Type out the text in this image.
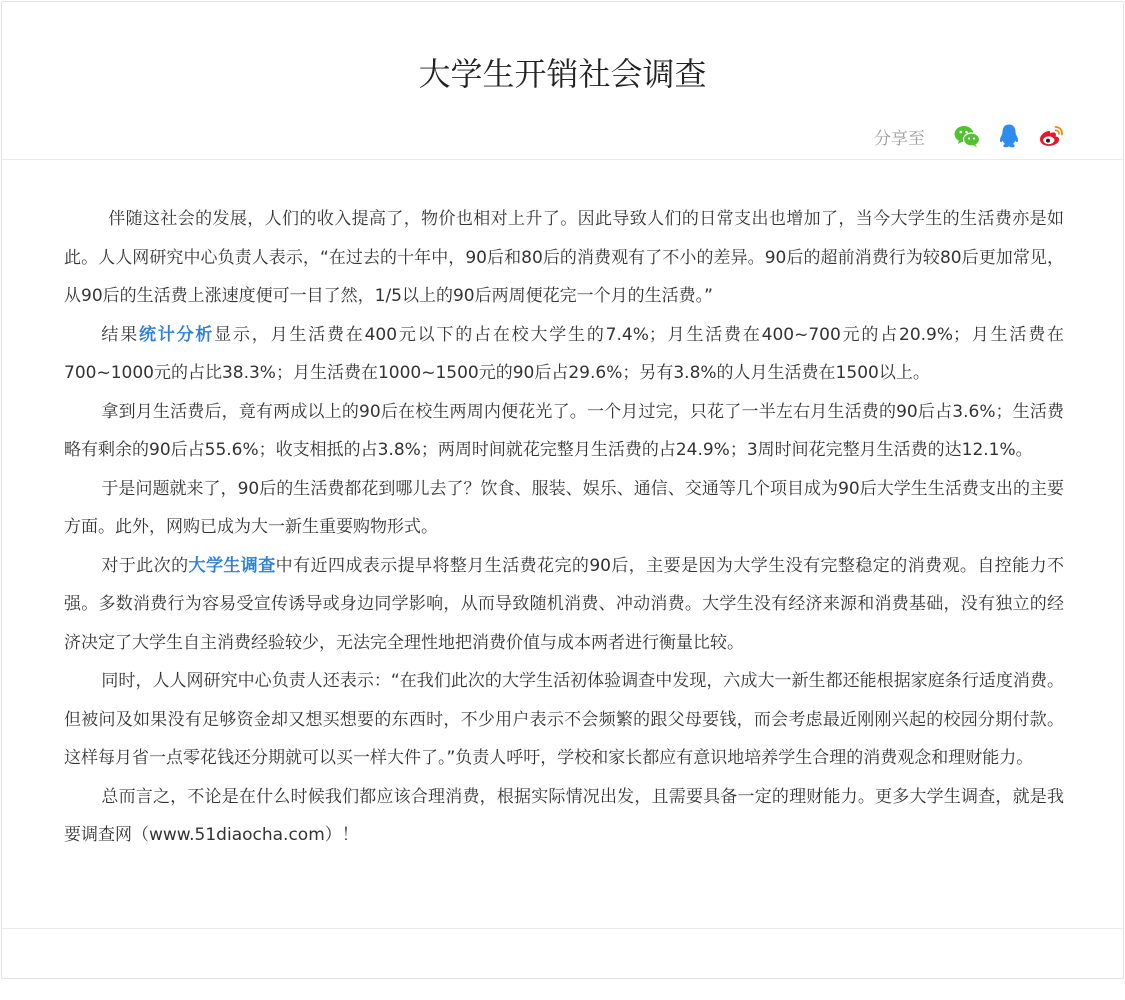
大学生开销社会调查
分享至

伴随这社会的发展，人们的收入提高了，物价也相对上升了。因此导致人们的日常支出也增加了，当今大学生的生活费亦是如此。人人网研究中心负责人表示，“在过去的十年中，90后和80后的消费观有了不小的差异。90后的超前消费行为较80后更加常见，从90后的生活费上涨速度便可一目了然，1/5以上的90后两周便花完一个月的生活费。”

结果统计分析显示，月生活费在400元以下的占在校大学生的7.4%；月生活费在400~700元的占20.9%；月生活费在700~1000元的占比38.3%；月生活费在1000~1500元的90后占29.6%；另有3.8%的人月生活费在1500以上。

拿到月生活费后，竟有两成以上的90后在校生两周内便花光了。一个月过完，只花了一半左右月生活费的90后占3.6%；生活费略有剩余的90后占55.6%；收支相抵的占3.8%；两周时间就花完整月生活费的占24.9%；3周时间花完整月生活费的达12.1%。

于是问题就来了，90后的生活费都花到哪儿去了？饮食、服装、娱乐、通信、交通等几个项目成为90后大学生生活费支出的主要方面。此外，网购已成为大一新生重要购物形式。

对于此次的大学生调查中有近四成表示提早将整月生活费花完的90后，主要是因为大学生没有完整稳定的消费观。自控能力不强。多数消费行为容易受宣传诱导或身边同学影响，从而导致随机消费、冲动消费。大学生没有经济来源和消费基础，没有独立的经济决定了大学生自主消费经验较少，无法完全理性地把消费价值与成本两者进行衡量比较。

同时，人人网研究中心负责人还表示：“在我们此次的大学生活初体验调查中发现，六成大一新生都还能根据家庭条行适度消费。但被问及如果没有足够资金却又想买想要的东西时，不少用户表示不会频繁的跟父母要钱，而会考虑最近刚刚兴起的校园分期付款。这样每月省一点零花钱还分期就可以买一样大件了。”负责人呼吁，学校和家长都应有意识地培养学生合理的消费观念和理财能力。

总而言之，不论是在什么时候我们都应该合理消费，根据实际情况出发，且需要具备一定的理财能力。更多大学生调查，就是我要调查网（www.51diaocha.com）！
